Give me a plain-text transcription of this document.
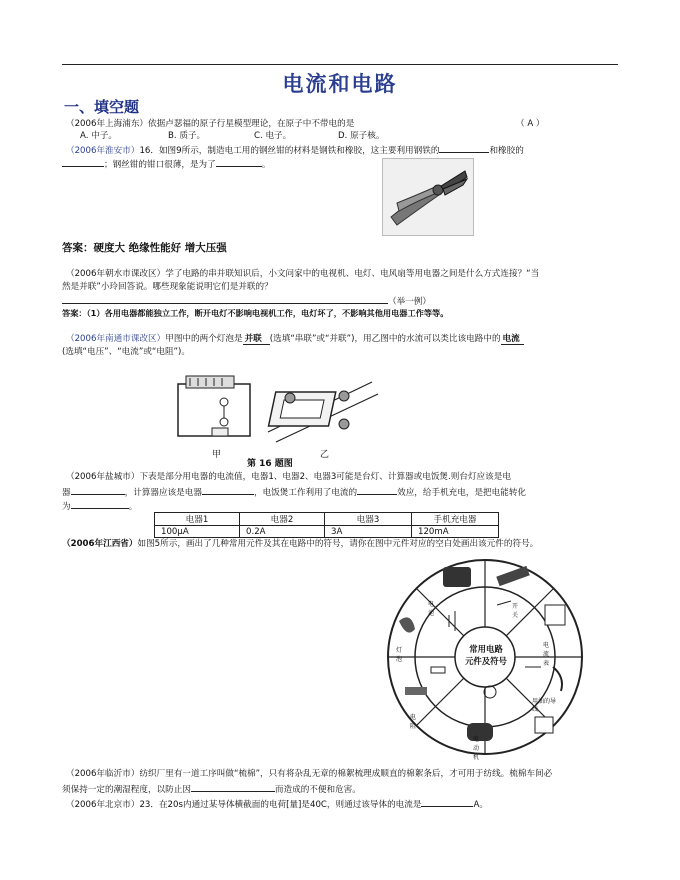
电流和电路
一、填空题
（2006年上海浦东）依据卢瑟福的原子行星模型理论，在原子中不带电的是	（ A ）
A. 中子。	B. 质子。	C. 电子。	D. 原子核。
（2006年淮安市）16．如图9所示，制造电工用的钢丝钳的材料是钢铁和橡胶，这主要利用钢铁的	和橡胶的
；钢丝钳的钳口很薄，是为了	。
答案：硬度大 绝缘性能好 增大压强
（2006年朝水市课改区）学了电路的串并联知识后，小文问家中的电视机、电灯、电风扇等用电器之间是什么方式连接？“当
然是并联”小玲回答说。哪些现象能说明它们是并联的？
（举一例）
答案：（1）各用电器都能独立工作，断开电灯不影响电视机工作，电灯坏了，不影响其他用电器工作等等。
（2006年南通市课改区）甲图中的两个灯泡是 并联 (选填“串联”或“并联”)，用乙图中的水流可以类比该电路中的 电流
(选填“电压”、“电流”或“电阻”)。
甲	乙
第 16 题图
（2006年盐城市）下表是部分用电器的电流值，电器1、电器2、电器3可能是台灯、计算器或电饭煲.则台灯应该是电
器	，计算器应该是电器	，电饭煲工作利用了电流的	效应，给手机充电，是把电能转化
为	。
电器1	电器2	电器3	手机充电器
100μA	0.2A	3A	120mA
（2006年江西省）如图5所示，画出了几种常用元件及其在电路中的符号，请你在图中元件对应的空白处画出该元件的符号。
常用电路
元件及符号
电池
开关
电流表
用油的导线
电动机
电阻
灯泡
（2006年临沂市）纺织厂里有一道工序叫做“梳棉”，只有将杂乱无章的棉絮梳理成顺直的棉絮条后，才可用于纺线。梳棉车间必
须保持一定的潮湿程度，以防止因	而造成的不便和危害。
（2006年北京市）23．在20s内通过某导体横截面的电荷[量]是40C，则通过该导体的电流是	A。
